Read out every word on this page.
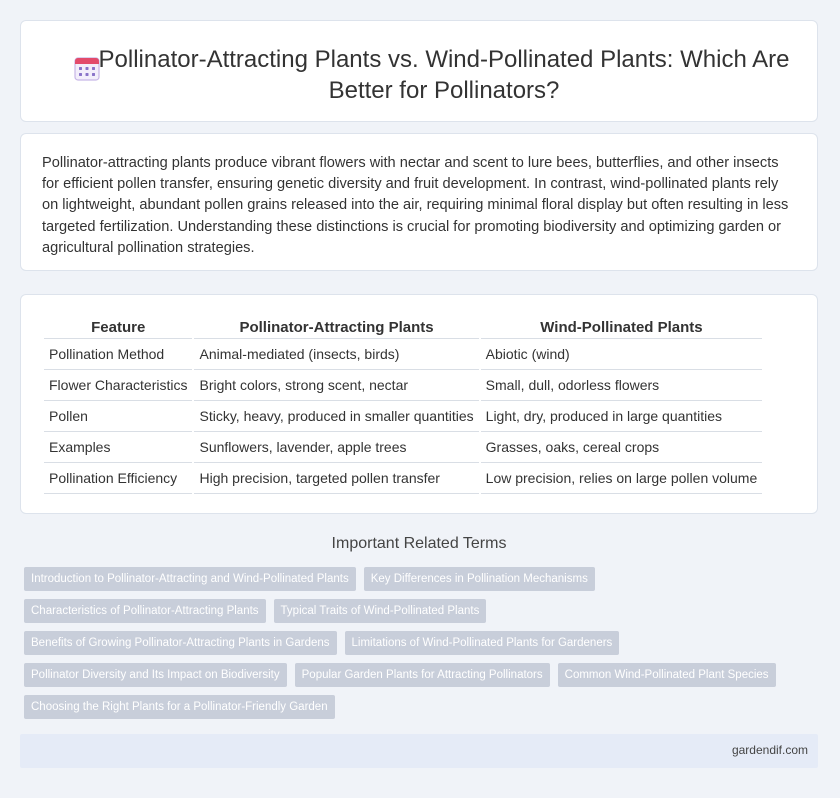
Pollinator-Attracting Plants vs. Wind-Pollinated Plants: Which Are Better for Pollinators?

Pollinator-attracting plants produce vibrant flowers with nectar and scent to lure bees, butterflies, and other insects for efficient pollen transfer, ensuring genetic diversity and fruit development. In contrast, wind-pollinated plants rely on lightweight, abundant pollen grains released into the air, requiring minimal floral display but often resulting in less targeted fertilization. Understanding these distinctions is crucial for promoting biodiversity and optimizing garden or agricultural pollination strategies.

Feature	Pollinator-Attracting Plants	Wind-Pollinated Plants
Pollination Method	Animal-mediated (insects, birds)	Abiotic (wind)
Flower Characteristics	Bright colors, strong scent, nectar	Small, dull, odorless flowers
Pollen	Sticky, heavy, produced in smaller quantities	Light, dry, produced in large quantities
Examples	Sunflowers, lavender, apple trees	Grasses, oaks, cereal crops
Pollination Efficiency	High precision, targeted pollen transfer	Low precision, relies on large pollen volume
Important Related Terms
Introduction to Pollinator-Attracting and Wind-Pollinated Plants	Key Differences in Pollination Mechanisms
Characteristics of Pollinator-Attracting Plants	Typical Traits of Wind-Pollinated Plants
Benefits of Growing Pollinator-Attracting Plants in Gardens	Limitations of Wind-Pollinated Plants for Gardeners
Pollinator Diversity and Its Impact on Biodiversity	Popular Garden Plants for Attracting Pollinators	Common Wind-Pollinated Plant Species
Choosing the Right Plants for a Pollinator-Friendly Garden
gardendif.com
